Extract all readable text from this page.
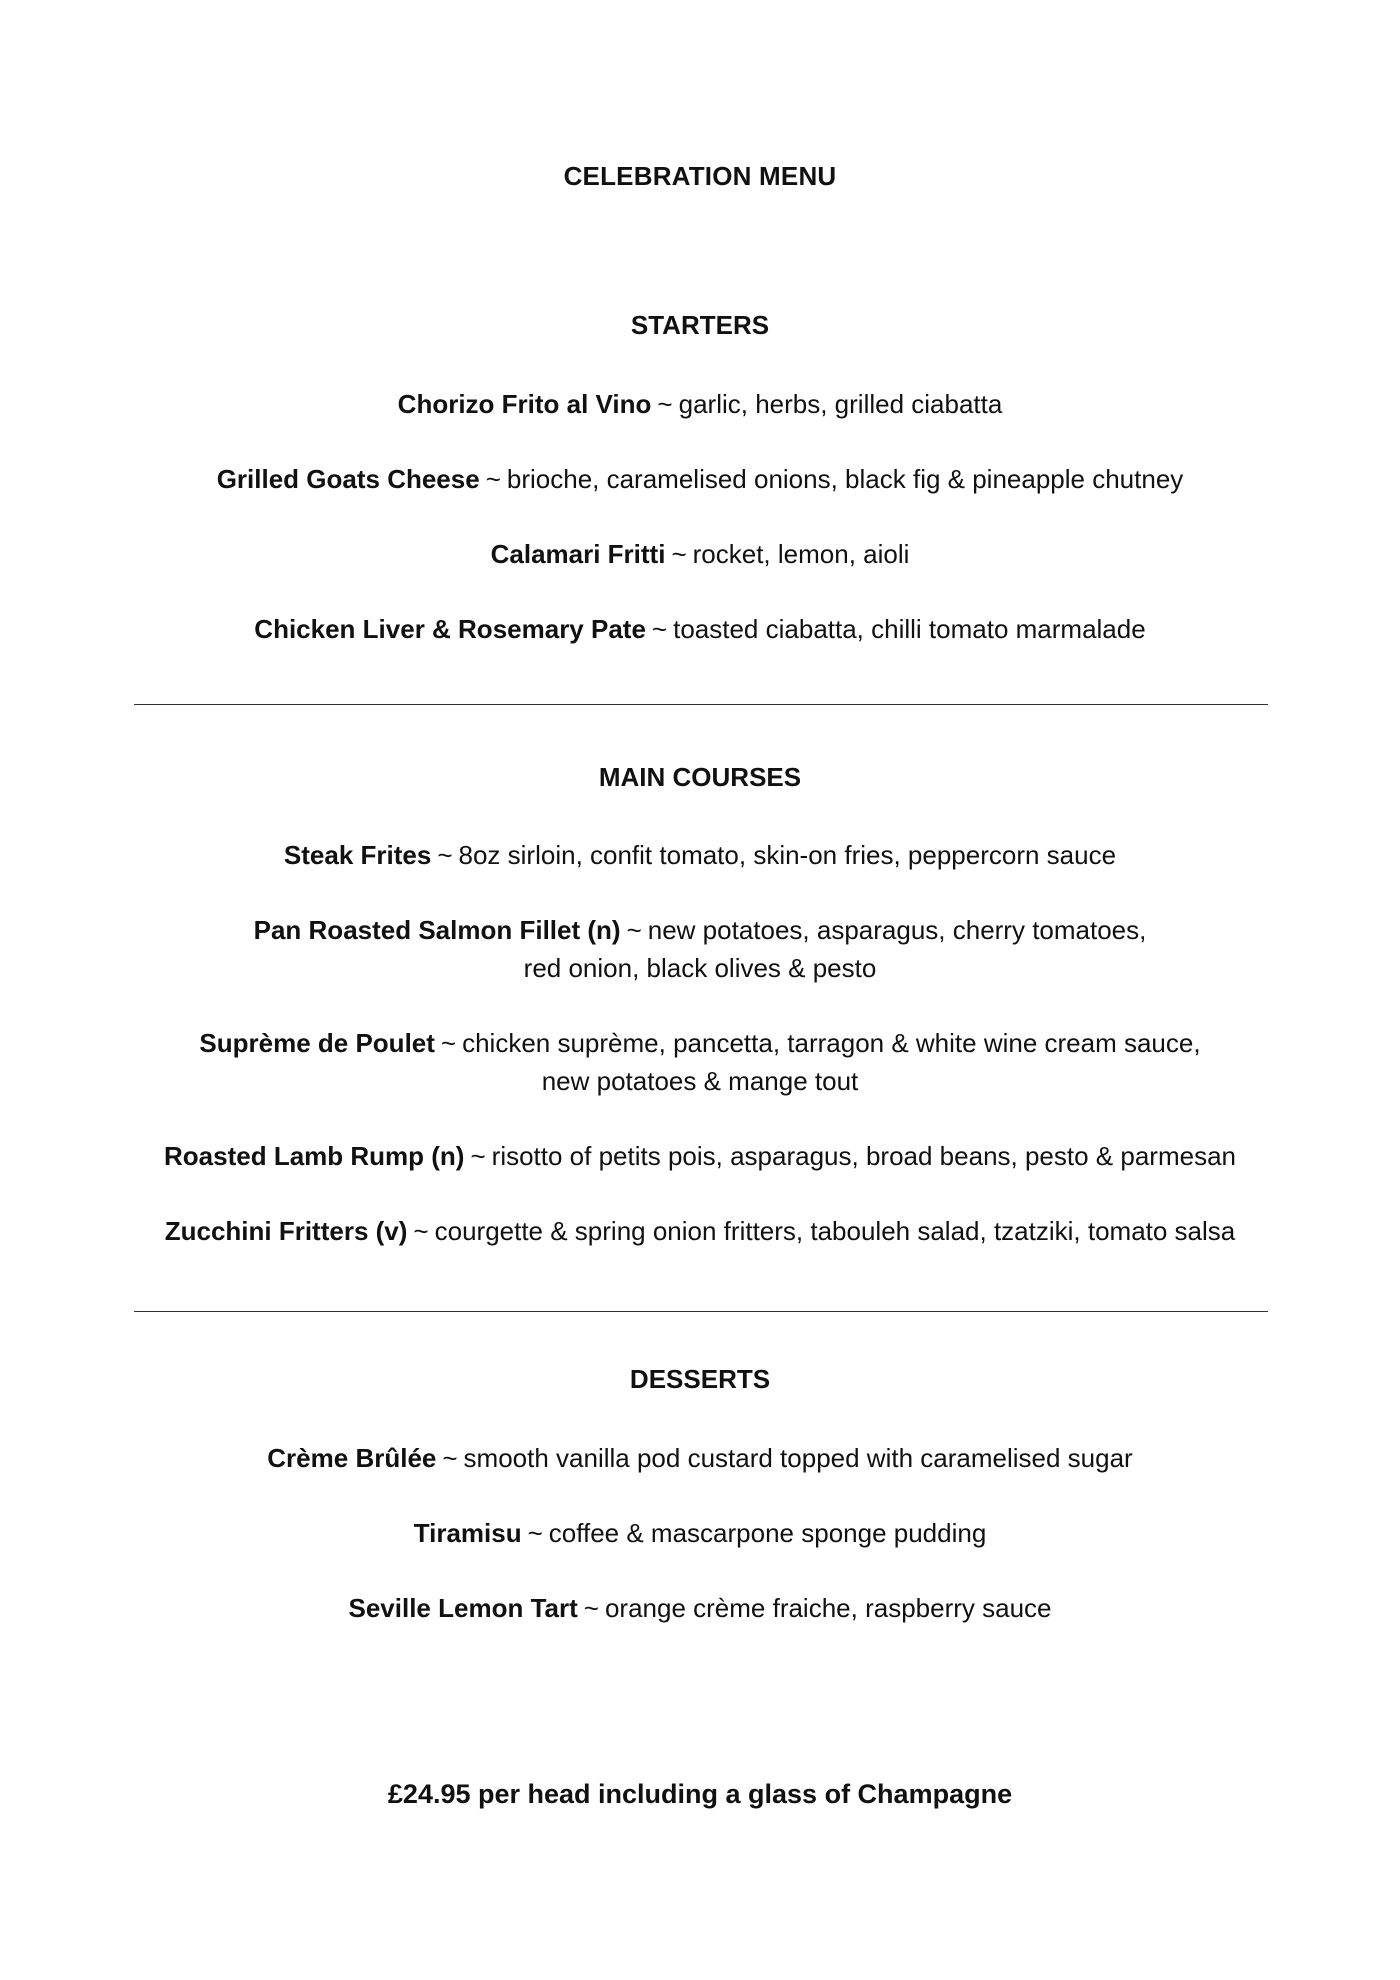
CELEBRATION MENU
STARTERS
Chorizo Frito al Vino ~ garlic, herbs, grilled ciabatta
Grilled Goats Cheese ~ brioche, caramelised onions, black fig & pineapple chutney
Calamari Fritti ~ rocket, lemon, aioli
Chicken Liver & Rosemary Pate ~ toasted ciabatta, chilli tomato marmalade
MAIN COURSES
Steak Frites ~ 8oz sirloin, confit tomato, skin-on fries, peppercorn sauce
Pan Roasted Salmon Fillet (n) ~ new potatoes, asparagus, cherry tomatoes,
red onion, black olives & pesto
Suprème de Poulet ~ chicken suprème, pancetta, tarragon & white wine cream sauce,
new potatoes & mange tout
Roasted Lamb Rump (n) ~ risotto of petits pois, asparagus, broad beans, pesto & parmesan
Zucchini Fritters (v) ~ courgette & spring onion fritters, tabouleh salad, tzatziki, tomato salsa
DESSERTS
Crème Brûlée ~ smooth vanilla pod custard topped with caramelised sugar
Tiramisu ~ coffee & mascarpone sponge pudding
Seville Lemon Tart ~ orange crème fraiche, raspberry sauce
£24.95 per head including a glass of Champagne
